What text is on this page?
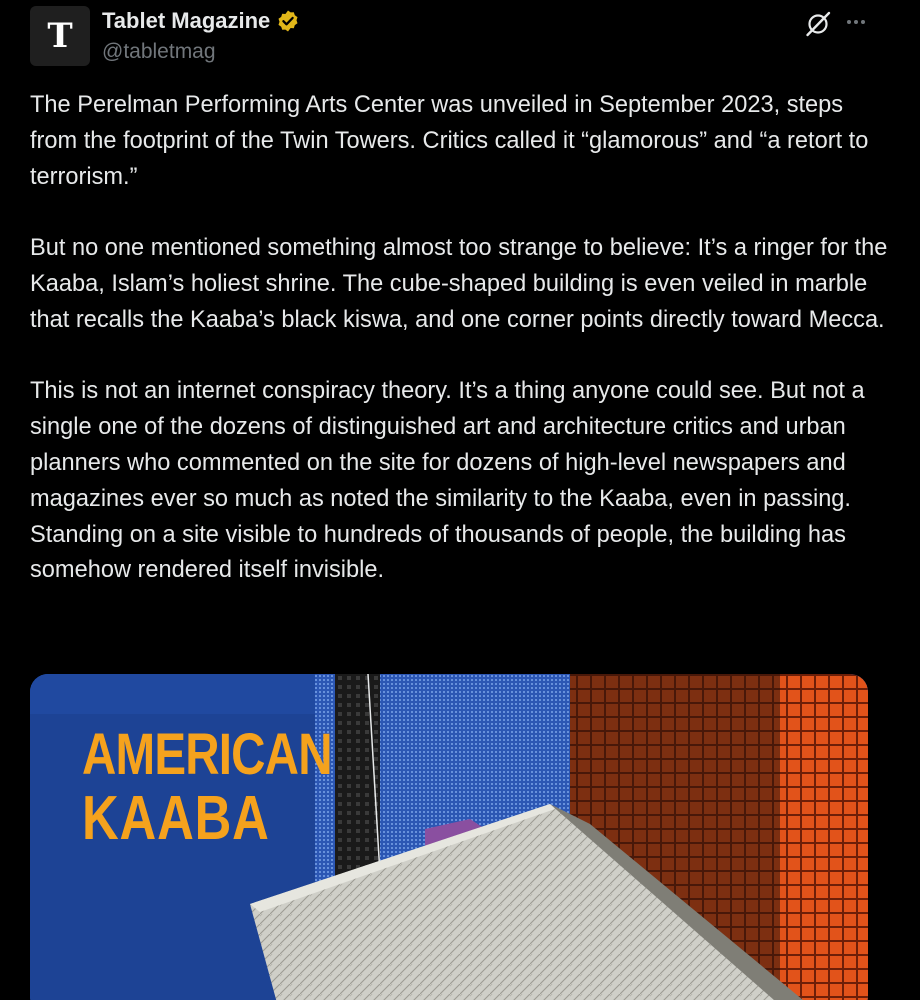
T Tablet Magazine
@tabletmag

The Perelman Performing Arts Center was unveiled in September 2023, steps from the footprint of the Twin Towers. Critics called it “glamorous” and “a retort to terrorism.”

But no one mentioned something almost too strange to believe: It’s a ringer for the Kaaba, Islam’s holiest shrine. The cube-shaped building is even veiled in marble that recalls the Kaaba’s black kiswa, and one corner points directly toward Mecca.

This is not an internet conspiracy theory. It’s a thing anyone could see. But not a single one of the dozens of distinguished art and architecture critics and urban planners who commented on the site for dozens of high-level newspapers and magazines ever so much as noted the similarity to the Kaaba, even in passing. Standing on a site visible to hundreds of thousands of people, the building has somehow rendered itself invisible.

AMERICAN
KAABA
